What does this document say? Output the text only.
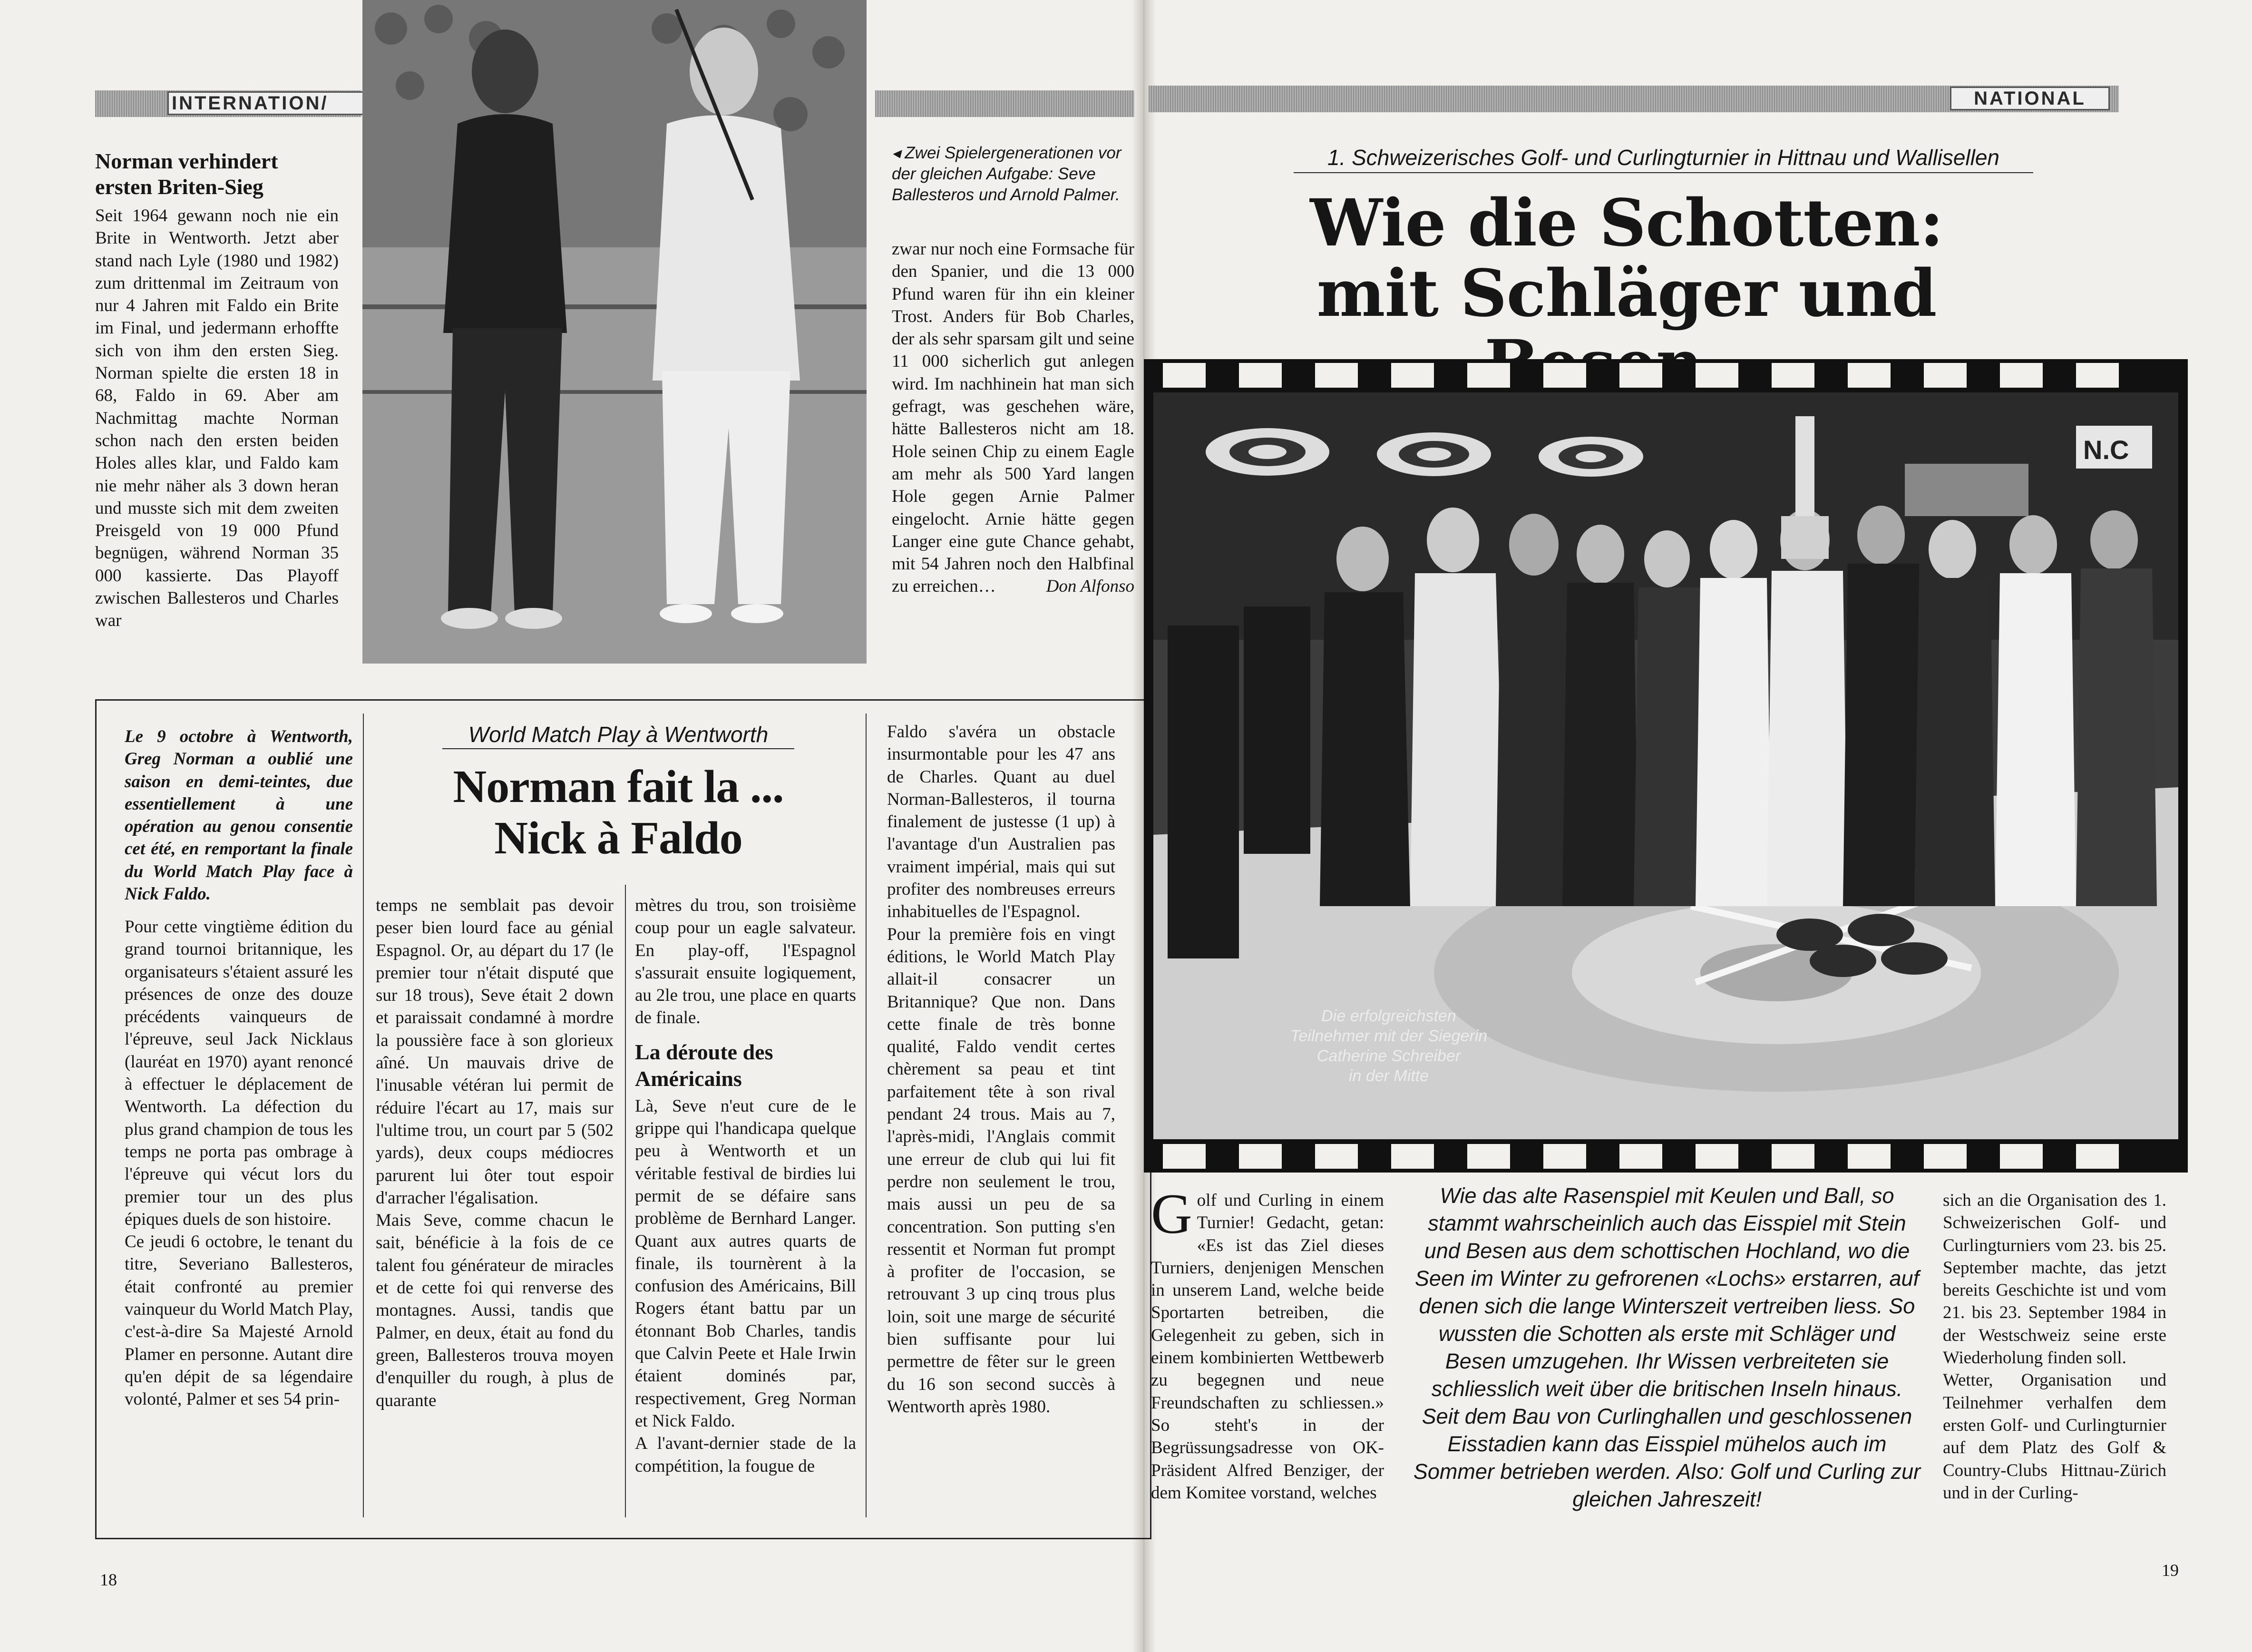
INTERNATION/
Norman verhindert
ersten Briten-Sieg
Seit 1964 gewann noch nie ein Brite in Wentworth. Jetzt aber stand nach Lyle (1980 und 1982) zum drittenmal im Zeitraum von nur 4 Jahren mit Faldo ein Brite im Final, und jedermann erhoffte sich von ihm den ersten Sieg. Norman spielte die ersten 18 in 68, Faldo in 69. Aber am Nachmittag machte Norman schon nach den ersten beiden Holes alles klar, und Faldo kam nie mehr näher als 3 down heran und musste sich mit dem zweiten Preisgeld von 19 000 Pfund begnügen, während Norman 35 000 kassierte. Das Playoff zwischen Ballesteros und Charles war
◂ Zwei Spielergenerationen vor der gleichen Aufgabe: Seve Ballesteros und Arnold Palmer.
zwar nur noch eine Formsache für den Spanier, und die 13 000 Pfund waren für ihn ein kleiner Trost. Anders für Bob Charles, der als sehr sparsam gilt und seine 11 000 sicherlich gut anlegen wird. Im nachhinein hat man sich gefragt, was geschehen wäre, hätte Ballesteros nicht am 18. Hole seinen Chip zu einem Eagle am mehr als 500 Yard langen Hole gegen Arnie Palmer eingelocht. Arnie hätte gegen Langer eine gute Chance gehabt, mit 54 Jahren noch den Halbfinal zu erreichen…	Don Alfonso
Le 9 octobre à Wentworth, Greg Norman a oublié une saison en demi-teintes, due essentiellement à une opération au genou consentie cet été, en remportant la finale du World Match Play face à Nick Faldo.
World Match Play à Wentworth
Norman fait la ...
Nick à Faldo

Pour cette vingtième édition du grand tournoi britannique, les organisateurs s'étaient assuré les présences de onze des douze précédents vainqueurs de l'épreuve, seul Jack Nicklaus (lauréat en 1970) ayant renoncé à effectuer le déplacement de Wentworth. La défection du plus grand champion de tous les temps ne porta pas ombrage à l'épreuve qui vécut lors du premier tour un des plus épiques duels de son histoire.

Ce jeudi 6 octobre, le tenant du titre, Severiano Ballesteros, était confronté au premier vainqueur du World Match Play, c'est-à-dire Sa Majesté Arnold Plamer en personne. Autant dire qu'en dépit de sa légendaire volonté, Palmer et ses 54 prin-

temps ne semblait pas devoir peser bien lourd face au génial Espagnol. Or, au départ du 17 (le premier tour n'était disputé que sur 18 trous), Seve était 2 down et paraissait condamné à mordre la poussière face à son glorieux aîné. Un mauvais drive de l'inusable vétéran lui permit de réduire l'écart au 17, mais sur l'ultime trou, un court par 5 (502 yards), deux coups médiocres parurent lui ôter tout espoir d'arracher l'égalisation.

Mais Seve, comme chacun le sait, bénéficie à la fois de ce talent fou générateur de miracles et de cette foi qui renverse des montagnes. Aussi, tandis que Palmer, en deux, était au fond du green, Ballesteros trouva moyen d'enquiller du rough, à plus de quarante

mètres du trou, son troisième coup pour un eagle salvateur. En play-off, l'Espagnol s'assurait ensuite logiquement, au 2le trou, une place en quarts de finale.

La déroute des Américains

Là, Seve n'eut cure de le grippe qui l'handicapa quelque peu à Wentworth et un véritable festival de birdies lui permit de se défaire sans problème de Bernhard Langer. Quant aux autres quarts de finale, ils tournèrent à la confusion des Américains, Bill Rogers étant battu par un étonnant Bob Charles, tandis que Calvin Peete et Hale Irwin étaient dominés par, respectivement, Greg Norman et Nick Faldo.

A l'avant-dernier stade de la compétition, la fougue de

Faldo s'avéra un obstacle insurmontable pour les 47 ans de Charles. Quant au duel Norman-Ballesteros, il tourna finalement de justesse (1 up) à l'avantage d'un Australien pas vraiment impérial, mais qui sut profiter des nombreuses erreurs inhabituelles de l'Espagnol.

Pour la première fois en vingt éditions, le World Match Play allait-il consacrer un Britannique? Que non. Dans cette finale de très bonne qualité, Faldo vendit certes chèrement sa peau et tint parfaitement tête à son rival pendant 24 trous. Mais au 7, l'après-midi, l'Anglais commit une erreur de club qui lui fit perdre non seulement le trou, mais aussi un peu de sa concentration. Son putting s'en ressentit et Norman fut prompt à profiter de l'occasion, se retrouvant 3 up cinq trous plus loin, soit une marge de sécurité bien suffisante pour lui permettre de fêter sur le green du 16 son second succès à Wentworth après 1980.

18
NATIONAL
1. Schweizerisches Golf- und Curlingturnier in Hittnau und Wallisellen
Wie die Schotten:
mit Schläger und
N.C
Die erfolgreichsten
Teilnehmer mit der Siegerin
Catherine Schreiber
in der Mitte
Golf und Curling in einem Turnier! Gedacht, getan: «Es ist das Ziel dieses Turniers, denjenigen Menschen in unserem Land, welche beide Sportarten betreiben, die Gelegenheit zu geben, sich in einem kombinierten Wettbewerb zu begegnen und neue Freundschaften zu schliessen.» So steht's in der Begrüssungsadresse von OK-Präsident Alfred Benziger, der dem Komitee vorstand, welches
Wie das alte Rasenspiel mit Keulen und Ball, so stammt wahrscheinlich auch das Eisspiel mit Stein und Besen aus dem schottischen Hochland, wo die Seen im Winter zu gefrorenen «Lochs» erstarren, auf denen sich die lange Winterszeit vertreiben liess. So wussten die Schotten als erste mit Schläger und Besen umzugehen. Ihr Wissen verbreiteten sie schliesslich weit über die britischen Inseln hinaus. Seit dem Bau von Curlinghallen und geschlossenen Eisstadien kann das Eisspiel mühelos auch im Sommer betrieben werden. Also: Golf und Curling zur gleichen Jahreszeit!

sich an die Organisation des 1. Schweizerischen Golf- und Curlingturniers vom 23. bis 25. September machte, das jetzt bereits Geschichte ist und vom 21. bis 23. September 1984 in der Westschweiz seine erste Wiederholung finden soll.

Wetter, Organisation und Teilnehmer verhalfen dem ersten Golf- und Curlingturnier auf dem Platz des Golf & Country-Clubs Hittnau-Zürich und in der Curling-

19
